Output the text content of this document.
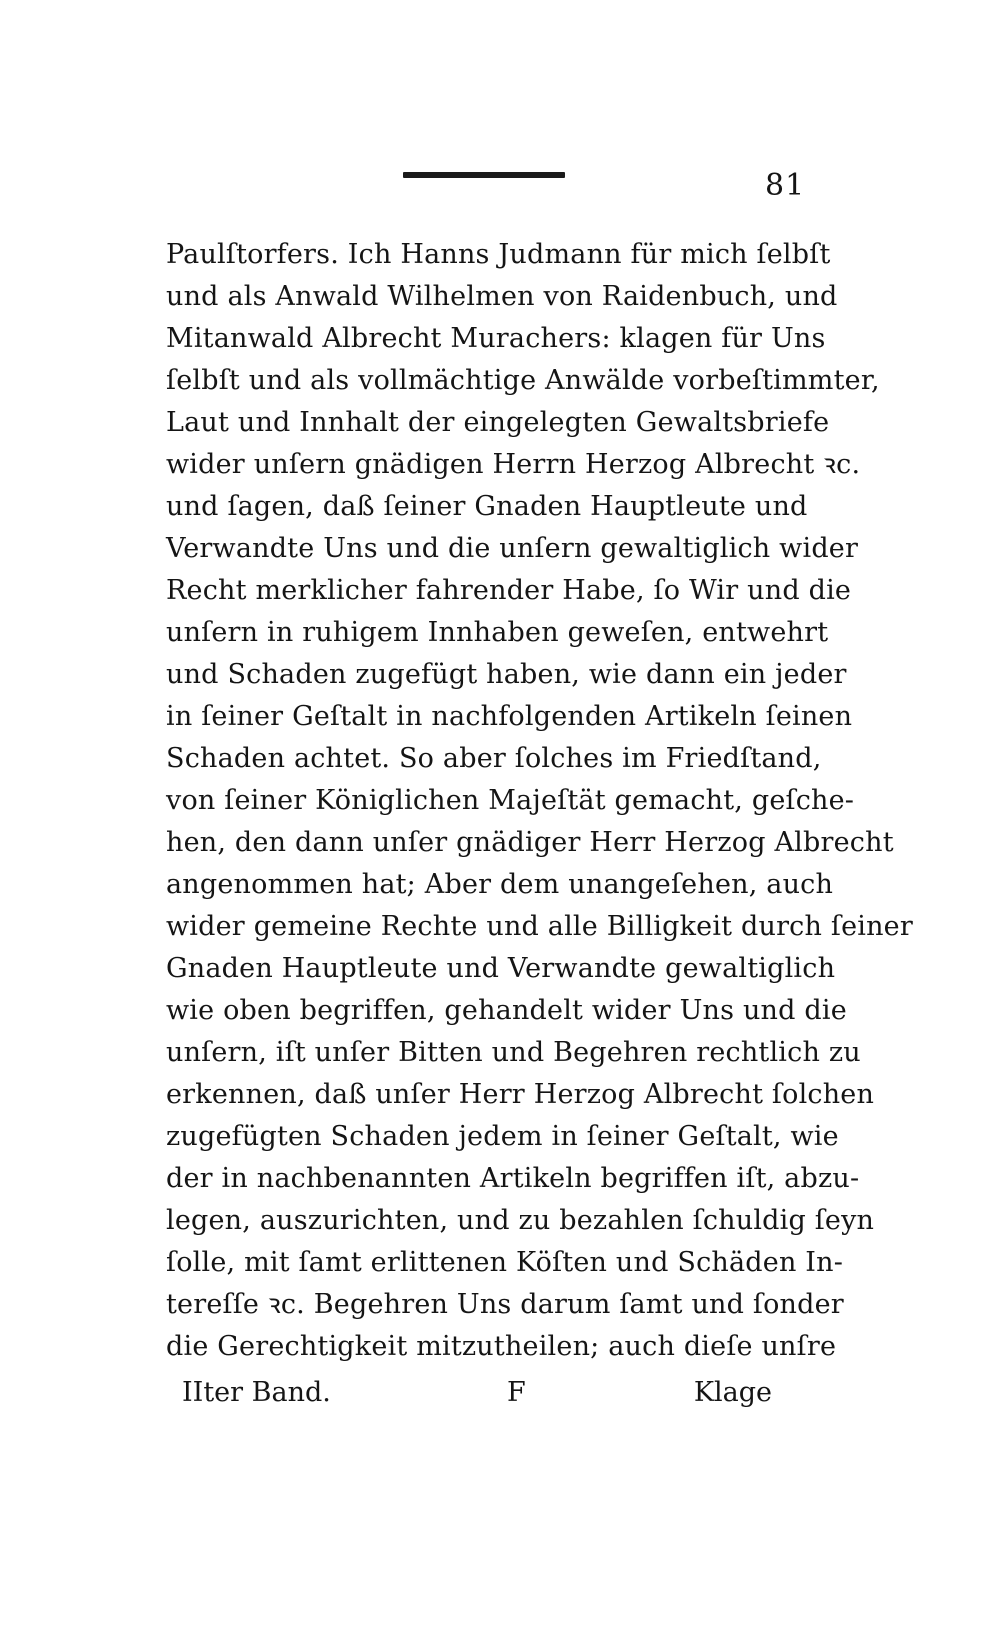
81
Paulſtorfers. Ich Hanns Judmann für mich ſelbſt
und als Anwald Wilhelmen von Raidenbuch, und
Mitanwald Albrecht Murachers: klagen für Uns
ſelbſt und als vollmächtige Anwälde vorbeſtimmter,
Laut und Innhalt der eingelegten Gewaltsbriefe
wider unſern gnädigen Herrn Herzog Albrecht ꝛc.
und ſagen, daß ſeiner Gnaden Hauptleute und
Verwandte Uns und die unſern gewaltiglich wider
Recht merklicher fahrender Habe, ſo Wir und die
unſern in ruhigem Innhaben geweſen, entwehrt
und Schaden zugefügt haben, wie dann ein jeder
in ſeiner Geſtalt in nachfolgenden Artikeln ſeinen
Schaden achtet. So aber ſolches im Friedſtand,
von ſeiner Königlichen Majeſtät gemacht, geſche-
hen, den dann unſer gnädiger Herr Herzog Albrecht
angenommen hat; Aber dem unangeſehen, auch
wider gemeine Rechte und alle Billigkeit durch ſeiner
Gnaden Hauptleute und Verwandte gewaltiglich
wie oben begriffen, gehandelt wider Uns und die
unſern, iſt unſer Bitten und Begehren rechtlich zu
erkennen, daß unſer Herr Herzog Albrecht ſolchen
zugefügten Schaden jedem in ſeiner Geſtalt, wie
der in nachbenannten Artikeln begriffen iſt, abzu-
legen, auszurichten, und zu bezahlen ſchuldig ſeyn
ſolle, mit ſamt erlittenen Köſten und Schäden In-
tereſſe ꝛc. Begehren Uns darum ſamt und ſonder
die Gerechtigkeit mitzutheilen; auch dieſe unſre
IIter Band.	F	Klage
